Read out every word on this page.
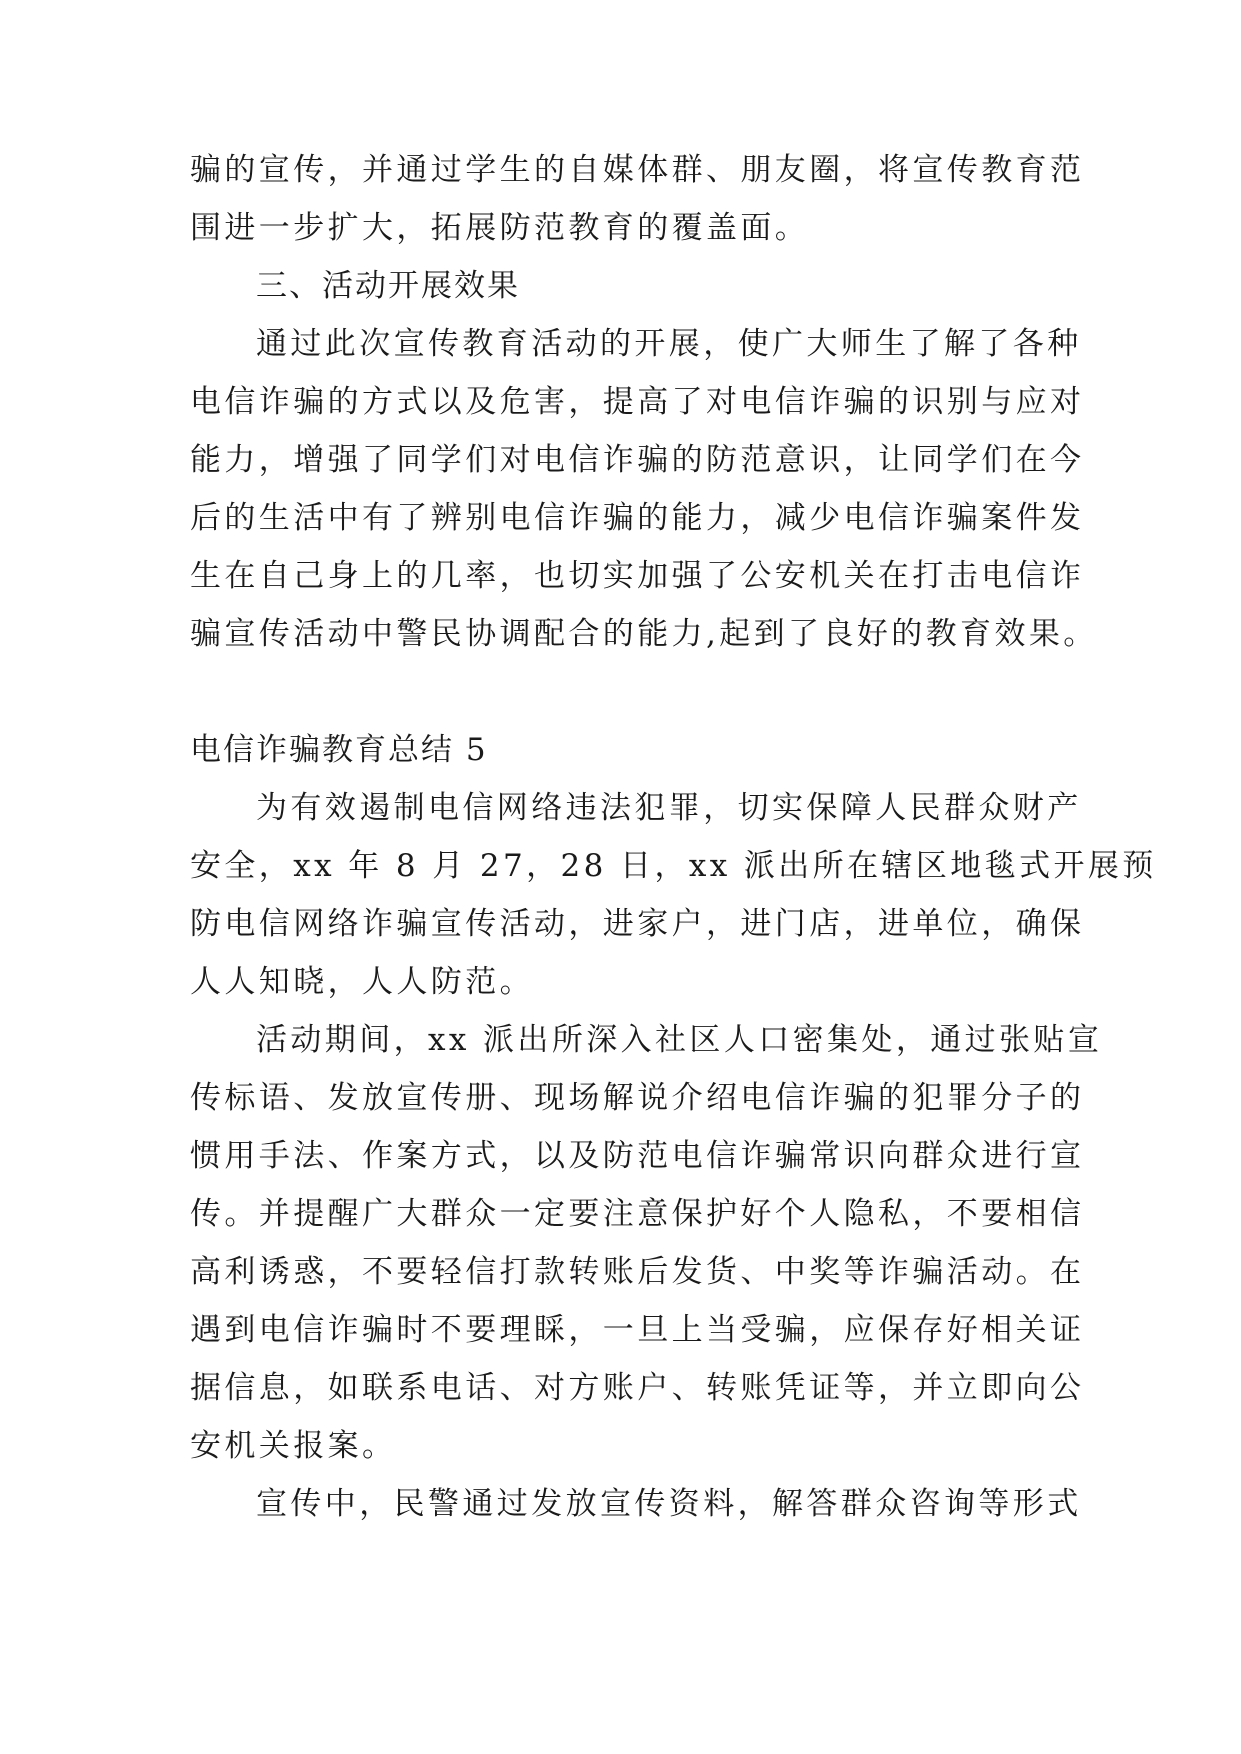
骗的宣传，并通过学生的自媒体群、朋友圈，将宣传教育范
围进一步扩大，拓展防范教育的覆盖面。
三、活动开展效果
通过此次宣传教育活动的开展，使广大师生了解了各种
电信诈骗的方式以及危害，提高了对电信诈骗的识别与应对
能力，增强了同学们对电信诈骗的防范意识，让同学们在今
后的生活中有了辨别电信诈骗的能力，减少电信诈骗案件发
生在自己身上的几率，也切实加强了公安机关在打击电信诈
骗宣传活动中警民协调配合的能力,起到了良好的教育效果。
电信诈骗教育总结 5
为有效遏制电信网络违法犯罪，切实保障人民群众财产
安全，xx 年 8 月 27，28 日，xx 派出所在辖区地毯式开展预
防电信网络诈骗宣传活动，进家户，进门店，进单位，确保
人人知晓，人人防范。
活动期间，xx 派出所深入社区人口密集处，通过张贴宣
传标语、发放宣传册、现场解说介绍电信诈骗的犯罪分子的
惯用手法、作案方式，以及防范电信诈骗常识向群众进行宣
传。并提醒广大群众一定要注意保护好个人隐私，不要相信
高利诱惑，不要轻信打款转账后发货、中奖等诈骗活动。在
遇到电信诈骗时不要理睬，一旦上当受骗，应保存好相关证
据信息，如联系电话、对方账户、转账凭证等，并立即向公
安机关报案。
宣传中，民警通过发放宣传资料，解答群众咨询等形式
